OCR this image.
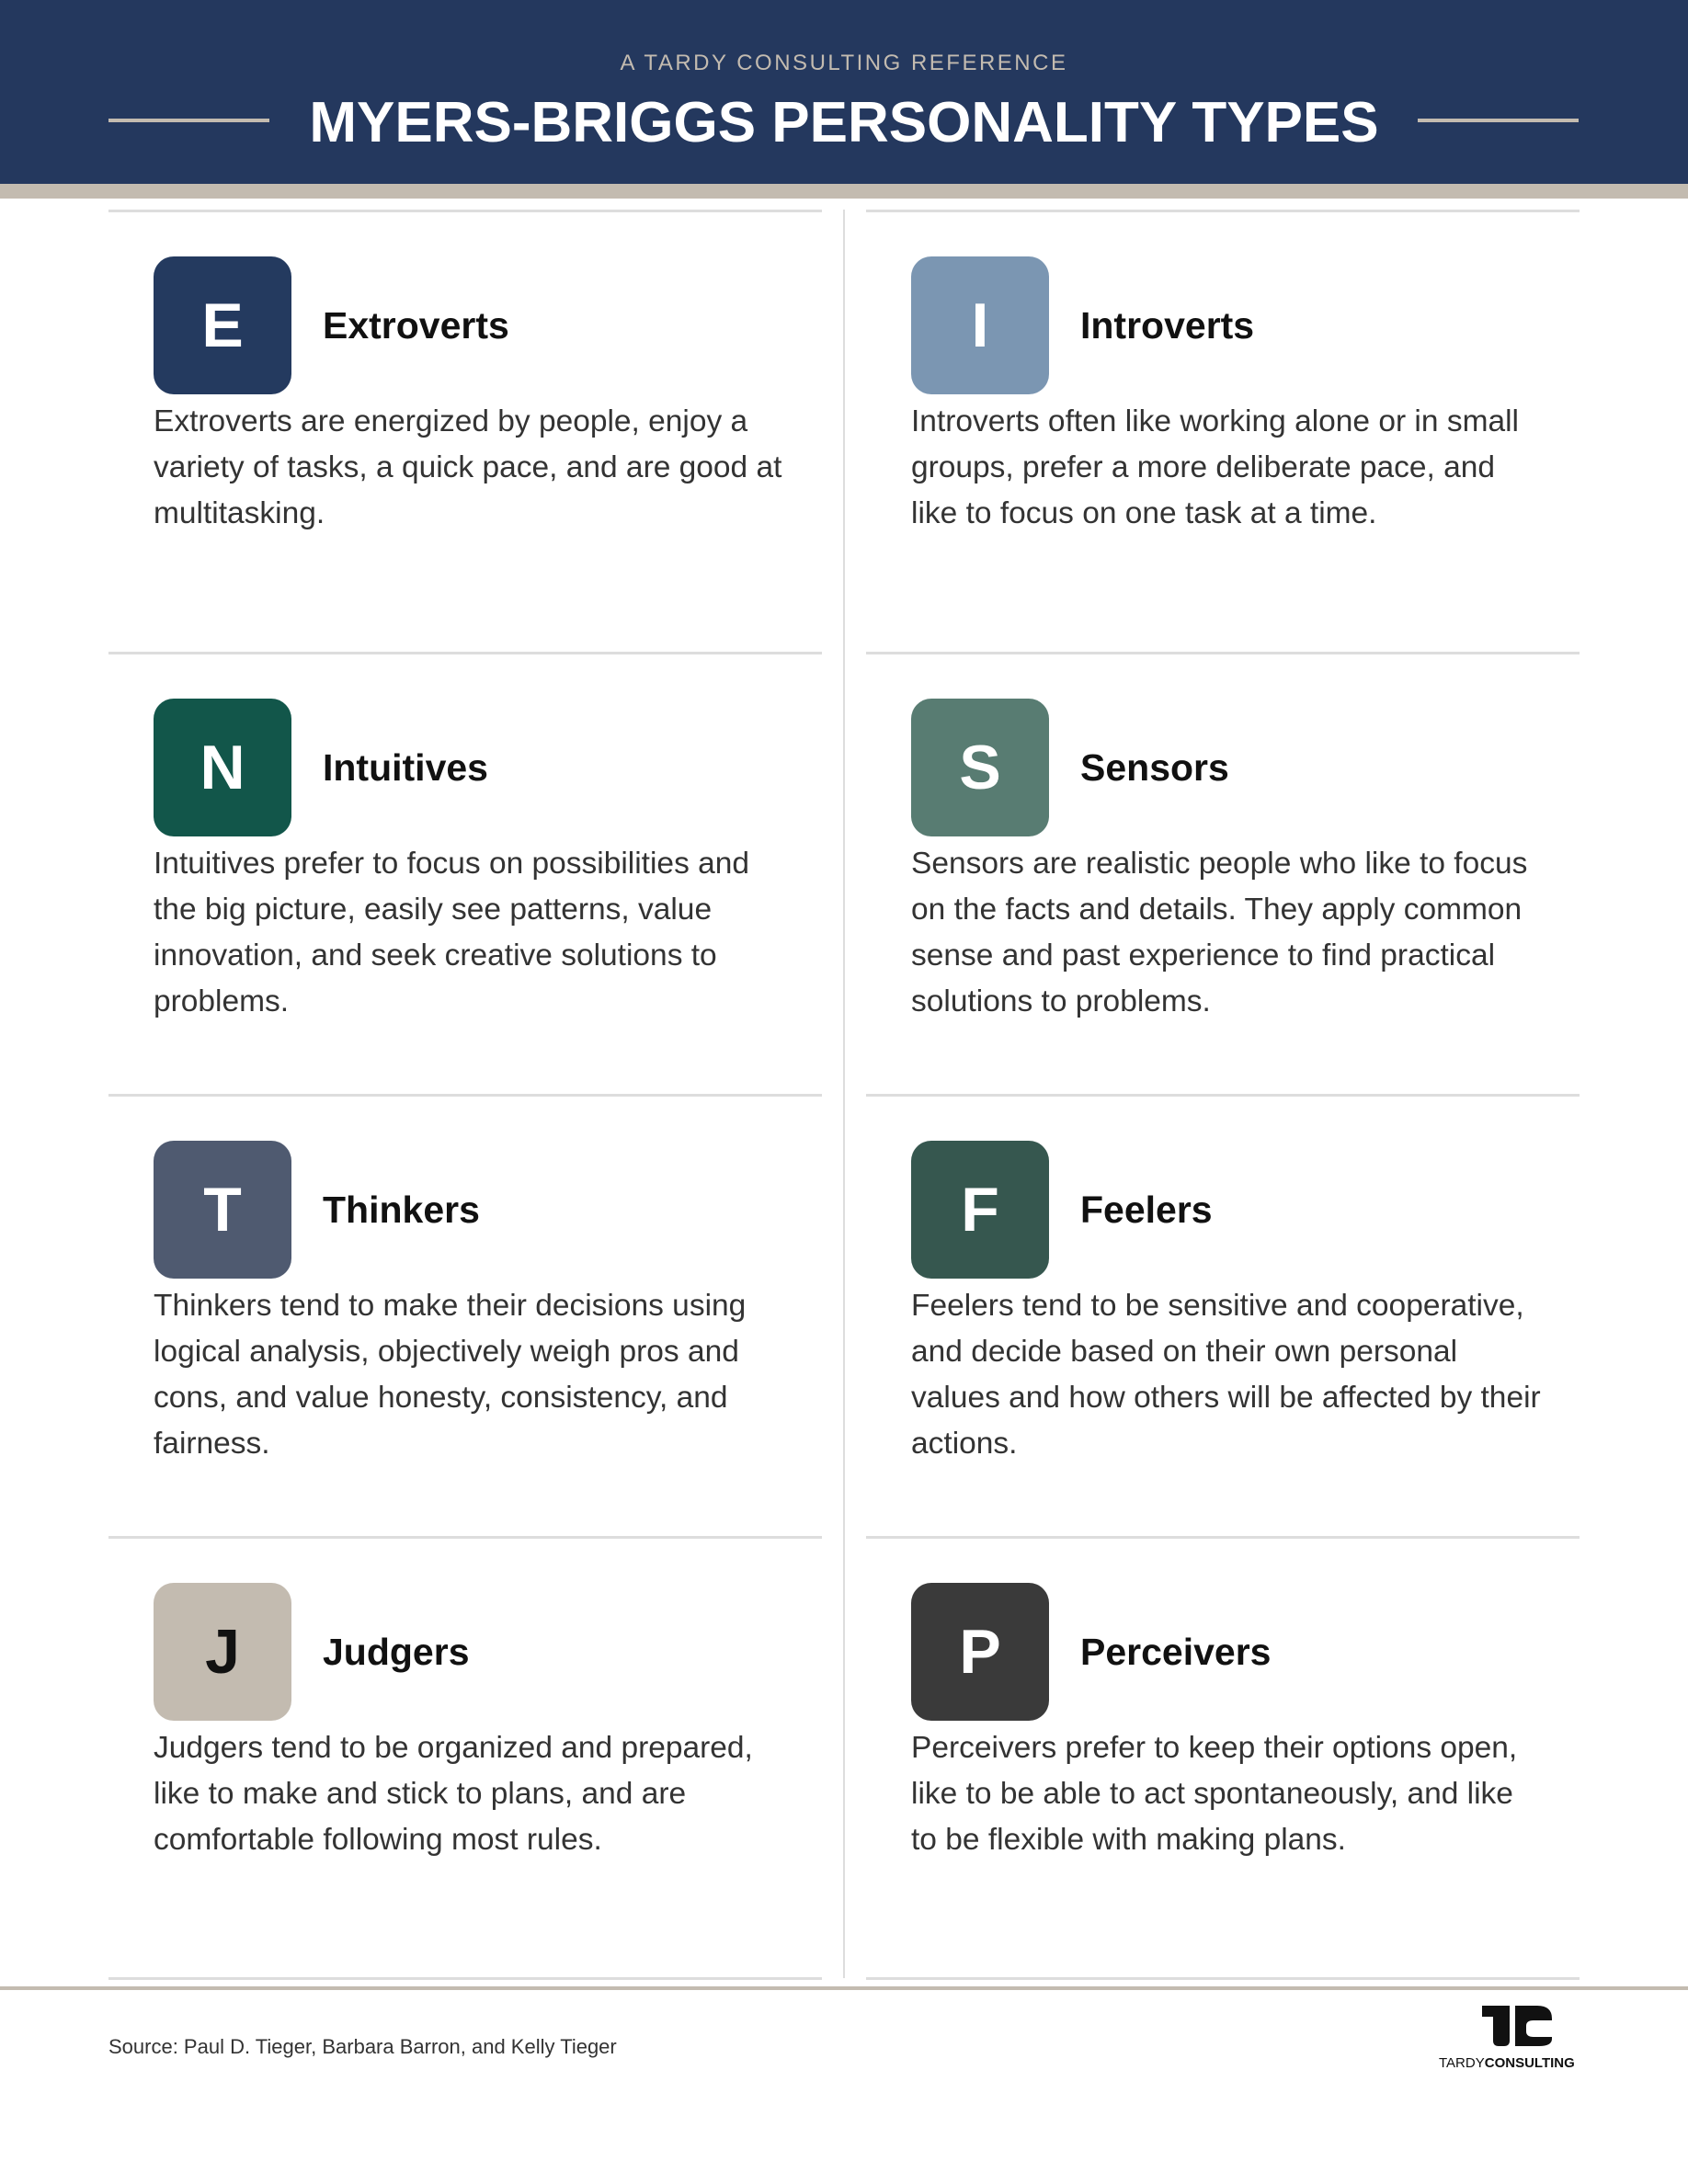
A TARDY CONSULTING REFERENCE
MYERS-BRIGGS PERSONALITY TYPES
E Extroverts
Extroverts are energized by people, enjoy a variety of tasks, a quick pace, and are good at multitasking.
I Introverts
Introverts often like working alone or in small groups, prefer a more deliberate pace, and like to focus on one task at a time.
N Intuitives
Intuitives prefer to focus on possibilities and the big picture, easily see patterns, value innovation, and seek creative solutions to problems.
S Sensors
Sensors are realistic people who like to focus on the facts and details. They apply common sense and past experience to find practical solutions to problems.
T Thinkers
Thinkers tend to make their decisions using logical analysis, objectively weigh pros and cons, and value honesty, consistency, and fairness.
F Feelers
Feelers tend to be sensitive and cooperative, and decide based on their own personal values and how others will be affected by their actions.
J Judgers
Judgers tend to be organized and prepared, like to make and stick to plans, and are comfortable following most rules.
P Perceivers
Perceivers prefer to keep their options open, like to be able to act spontaneously, and like to be flexible with making plans.
Source: Paul D. Tieger, Barbara Barron, and Kelly Tieger
TARDYCONSULTING
